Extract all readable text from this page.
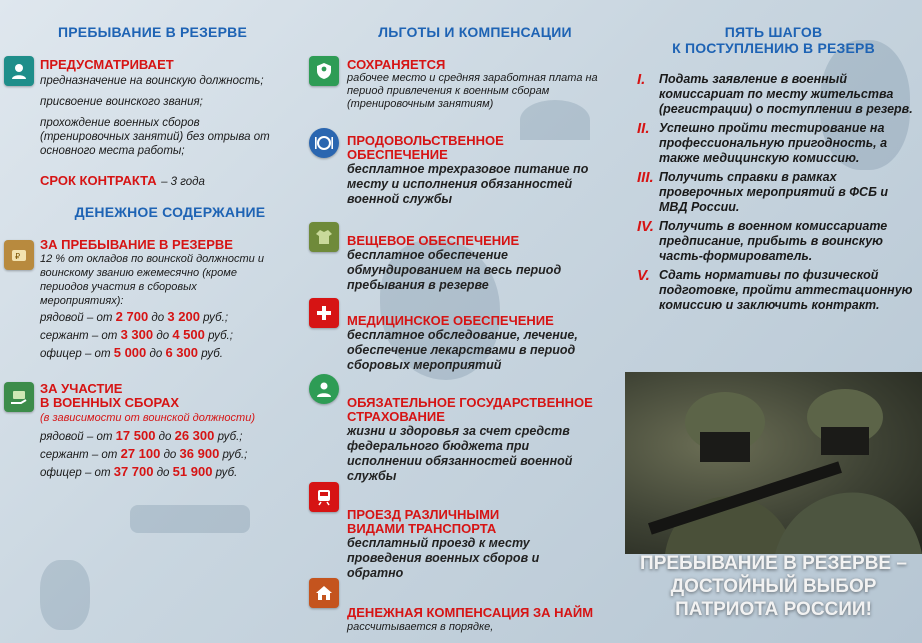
ПРЕБЫВАНИЕ В РЕЗЕРВЕ
ПРЕДУСМАТРИВАЕТ
предназначение на воинскую должность;
присвоение воинского звания;
прохождение военных сборов (тренировочных занятий) без отрыва от основного места работы;
СРОК КОНТРАКТА – 3 года
ДЕНЕЖНОЕ СОДЕРЖАНИЕ
₽
ЗА ПРЕБЫВАНИЕ В РЕЗЕРВЕ
12 % от окладов по воинской должности и воинскому званию ежемесячно (кроме периодов участия в сборовых мероприятиях):
рядовой – от 2 700 до 3 200 руб.;
сержант – от 3 300 до 4 500 руб.;
офицер – от 5 000 до 6 300 руб.
ЗА УЧАСТИЕ
В ВОЕННЫХ СБОРАХ
(в зависимости от воинской должности)
рядовой – от 17 500 до 26 300 руб.;
сержант – от 27 100 до 36 900 руб.;
офицер – от 37 700 до 51 900 руб.
ЛЬГОТЫ И КОМПЕНСАЦИИ
СОХРАНЯЕТСЯ
рабочее место и средняя заработная плата на период привлечения к военным сборам (тренировочным занятиям)
ПРОДОВОЛЬСТВЕННОЕ ОБЕСПЕЧЕНИЕ
бесплатное трехразовое питание по месту и исполнения обязанностей военной службы
ВЕЩЕВОЕ ОБЕСПЕЧЕНИЕ
бесплатное обеспечение обмундированием на весь период пребывания в резерве
МЕДИЦИНСКОЕ ОБЕСПЕЧЕНИЕ
бесплатное обследование, лечение, обеспечение лекарствами в период сборовых мероприятий
ОБЯЗАТЕЛЬНОЕ ГОСУДАРСТВЕННОЕ СТРАХОВАНИЕ
жизни и здоровья за счет средств федерального бюджета при исполнении обязанностей военной службы
ПРОЕЗД РАЗЛИЧНЫМИ ВИДАМИ ТРАНСПОРТА
бесплатный проезд к месту проведения военных сборов и обратно
ДЕНЕЖНАЯ КОМПЕНСАЦИЯ ЗА НАЙМ
рассчитывается в порядке,
ПЯТЬ ШАГОВ
К ПОСТУПЛЕНИЮ В РЕЗЕРВ
I.	Подать заявление в военный комиссариат по месту жительства (регистрации) о поступлении в резерв.
II. Успешно пройти тестирование на профессиональную пригодность, а также медицинскую комиссию.
III. Получить справки в рамках проверочных мероприятий в ФСБ и МВД России.
IV. Получить в военном комиссариате предписание, прибыть в воинскую часть-формирователь.
V. Сдать нормативы по физической подготовке, пройти аттестационную комиссию и заключить контракт.
ПРЕБЫВАНИЕ В РЕЗЕРВЕ –
ДОСТОЙНЫЙ ВЫБОР
ПАТРИОТА РОССИИ!
